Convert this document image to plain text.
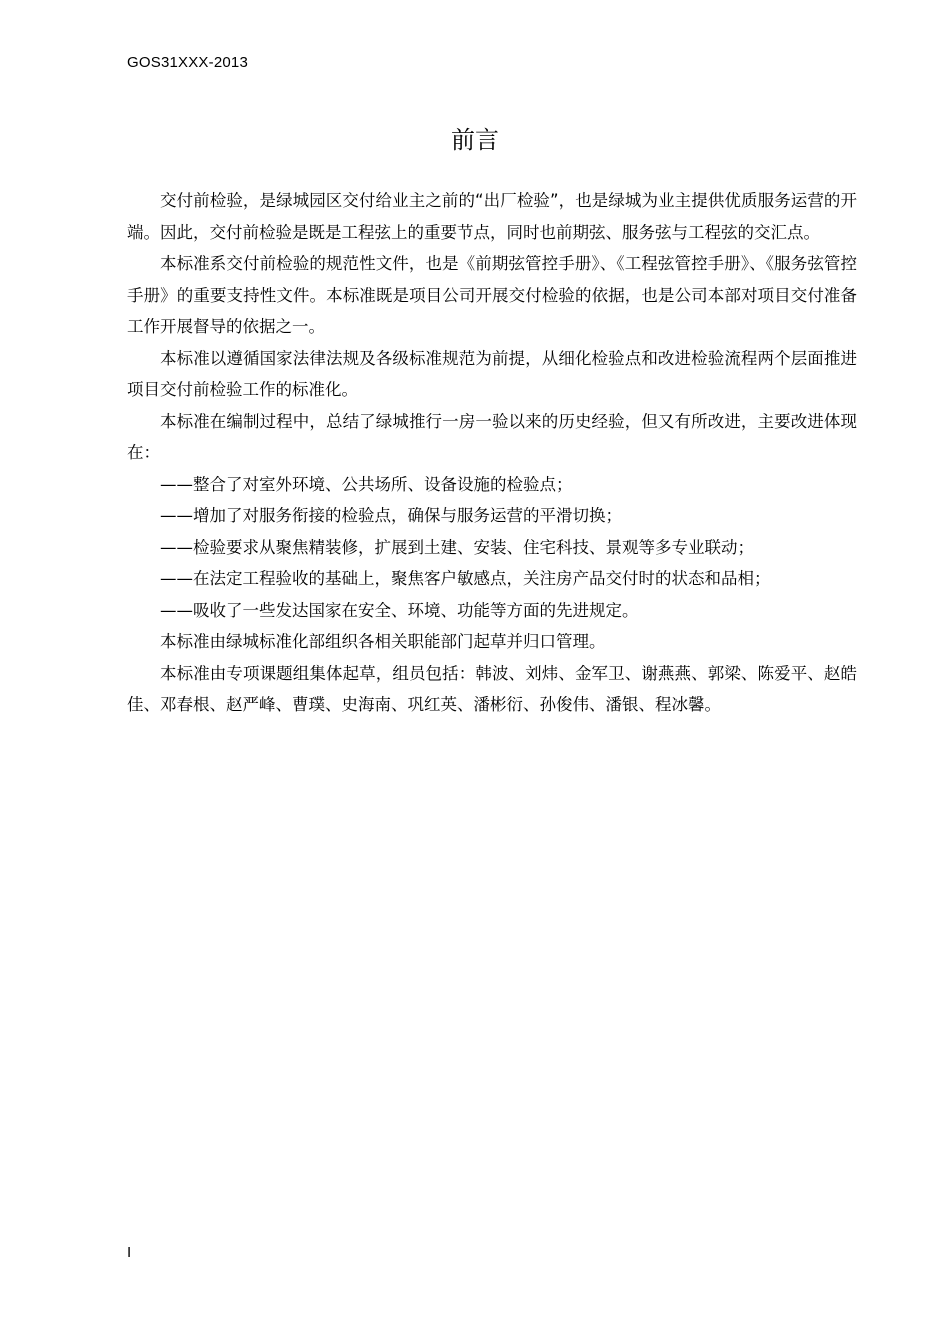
GOS31XXX-2013
前言

交付前检验，是绿城园区交付给业主之前的“出厂检验”，也是绿城为业主提供优质服务运营的开端。因此，交付前检验是既是工程弦上的重要节点，同时也前期弦、服务弦与工程弦的交汇点。

本标准系交付前检验的规范性文件，也是《前期弦管控手册》、《工程弦管控手册》、《服务弦管控手册》的重要支持性文件。本标准既是项目公司开展交付检验的依据，也是公司本部对项目交付准备工作开展督导的依据之一。

本标准以遵循国家法律法规及各级标准规范为前提，从细化检验点和改进检验流程两个层面推进项目交付前检验工作的标准化。

本标准在编制过程中，总结了绿城推行一房一验以来的历史经验，但又有所改进，主要改进体现在：

——整合了对室外环境、公共场所、设备设施的检验点；

——增加了对服务衔接的检验点，确保与服务运营的平滑切换；

——检验要求从聚焦精装修，扩展到土建、安装、住宅科技、景观等多专业联动；

——在法定工程验收的基础上，聚焦客户敏感点，关注房产品交付时的状态和品相；

——吸收了一些发达国家在安全、环境、功能等方面的先进规定。

本标准由绿城标准化部组织各相关职能部门起草并归口管理。

本标准由专项课题组集体起草，组员包括：韩波、刘炜、金军卫、谢燕燕、郭梁、陈爱平、赵皓佳、邓春根、赵严峰、曹璞、史海南、巩红英、潘彬衍、孙俊伟、潘银、程冰馨。

I
